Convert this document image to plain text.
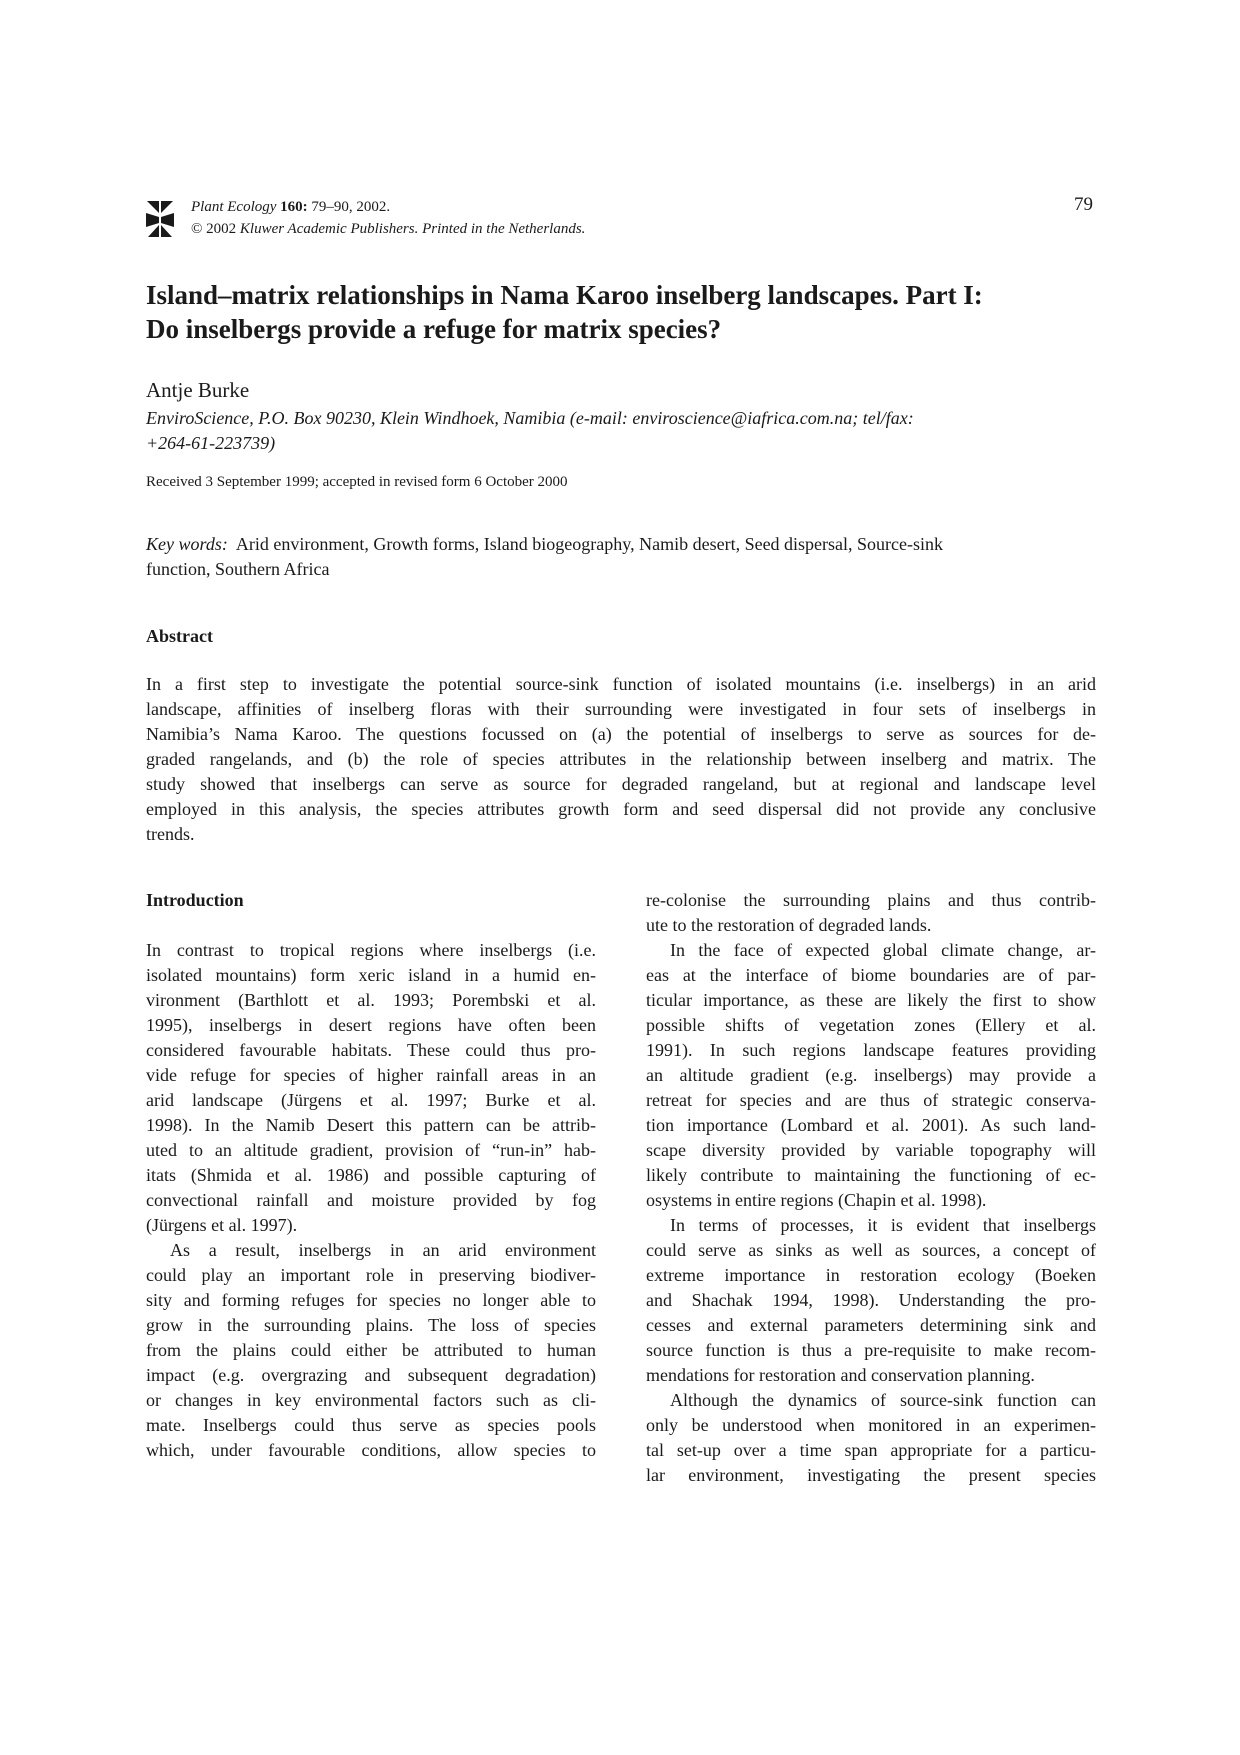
Plant Ecology 160: 79–90, 2002.
© 2002 Kluwer Academic Publishers. Printed in the Netherlands.
79
Island–matrix relationships in Nama Karoo inselberg landscapes. Part I:
Do inselbergs provide a refuge for matrix species?
Antje Burke
EnviroScience, P.O. Box 90230, Klein Windhoek, Namibia (e-mail: enviroscience@iafrica.com.na; tel/fax:
+264-61-223739)
Received 3 September 1999; accepted in revised form 6 October 2000
Key words: Arid environment, Growth forms, Island biogeography, Namib desert, Seed dispersal, Source-sink
function, Southern Africa
Abstract
In a first step to investigate the potential source-sink function of isolated mountains (i.e. inselbergs) in an arid
landscape, affinities of inselberg floras with their surrounding were investigated in four sets of inselbergs in
Namibia’s Nama Karoo. The questions focussed on (a) the potential of inselbergs to serve as sources for de-
graded rangelands, and (b) the role of species attributes in the relationship between inselberg and matrix. The
study showed that inselbergs can serve as source for degraded rangeland, but at regional and landscape level
employed in this analysis, the species attributes growth form and seed dispersal did not provide any conclusive
trends.
Introduction
In contrast to tropical regions where inselbergs (i.e.
isolated mountains) form xeric island in a humid en-
vironment (Barthlott et al. 1993; Porembski et al.
1995), inselbergs in desert regions have often been
considered favourable habitats. These could thus pro-
vide refuge for species of higher rainfall areas in an
arid landscape (Jürgens et al. 1997; Burke et al.
1998). In the Namib Desert this pattern can be attrib-
uted to an altitude gradient, provision of “run-in” hab-
itats (Shmida et al. 1986) and possible capturing of
convectional rainfall and moisture provided by fog
(Jürgens et al. 1997).
As a result, inselbergs in an arid environment
could play an important role in preserving biodiver-
sity and forming refuges for species no longer able to
grow in the surrounding plains. The loss of species
from the plains could either be attributed to human
impact (e.g. overgrazing and subsequent degradation)
or changes in key environmental factors such as cli-
mate. Inselbergs could thus serve as species pools
which, under favourable conditions, allow species to
re-colonise the surrounding plains and thus contrib-
ute to the restoration of degraded lands.
In the face of expected global climate change, ar-
eas at the interface of biome boundaries are of par-
ticular importance, as these are likely the first to show
possible shifts of vegetation zones (Ellery et al.
1991). In such regions landscape features providing
an altitude gradient (e.g. inselbergs) may provide a
retreat for species and are thus of strategic conserva-
tion importance (Lombard et al. 2001). As such land-
scape diversity provided by variable topography will
likely contribute to maintaining the functioning of ec-
osystems in entire regions (Chapin et al. 1998).
In terms of processes, it is evident that inselbergs
could serve as sinks as well as sources, a concept of
extreme importance in restoration ecology (Boeken
and Shachak 1994, 1998). Understanding the pro-
cesses and external parameters determining sink and
source function is thus a pre-requisite to make recom-
mendations for restoration and conservation planning.
Although the dynamics of source-sink function can
only be understood when monitored in an experimen-
tal set-up over a time span appropriate for a particu-
lar environment, investigating the present species
